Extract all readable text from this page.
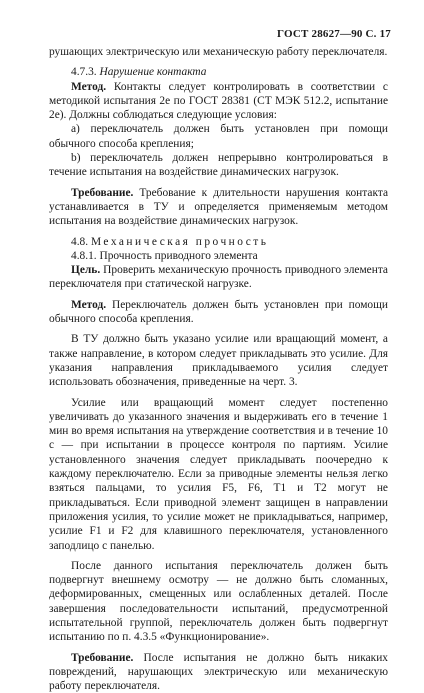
ГОСТ 28627—90 С. 17

рушающих электрическую или механическую работу переключателя.

4.7.3. Нарушение контакта

Метод. Контакты следует контролировать в соответствии с методикой испытания 2е по ГОСТ 28381 (СТ МЭК 512.2, испытание 2е). Должны соблюдаться следующие условия:

a) переключатель должен быть установлен при помощи обычного способа крепления;

b) переключатель должен непрерывно контролироваться в течение испытания на воздействие динамических нагрузок.

Требование. Требование к длительности нарушения контакта устанавливается в ТУ и определяется применяемым методом испытания на воздействие динамических нагрузок.

4.8. Механическая прочность

4.8.1. Прочность приводного элемента

Цель. Проверить механическую прочность приводного элемента переключателя при статической нагрузке.

Метод. Переключатель должен быть установлен при помощи обычного способа крепления.

В ТУ должно быть указано усилие или вращающий момент, а также направление, в котором следует прикладывать это усилие. Для указания направления прикладываемого усилия следует использовать обозначения, приведенные на черт. 3.

Усилие или вращающий момент следует постепенно увеличивать до указанного значения и выдерживать его в течение 1 мин во время испытания на утверждение соответствия и в течение 10 с — при испытании в процессе контроля по партиям. Усилие установленного значения следует прикладывать поочередно к каждому переключателю. Если за приводные элементы нельзя легко взяться пальцами, то усилия F5, F6, T1 и T2 могут не прикладываться. Если приводной элемент защищен в направлении приложения усилия, то усилие может не прикладываться, например, усилие F1 и F2 для клавишного переключателя, установленного заподлицо с панелью.

После данного испытания переключатель должен быть подвергнут внешнему осмотру — не должно быть сломанных, деформированных, смещенных или ослабленных деталей. После завершения последовательности испытаний, предусмотренной испытательной группой, переключатель должен быть подвергнут испытанию по п. 4.3.5 «Функционирование».

Требование. После испытания не должно быть никаких повреждений, нарушающих электрическую или механическую работу переключателя.
